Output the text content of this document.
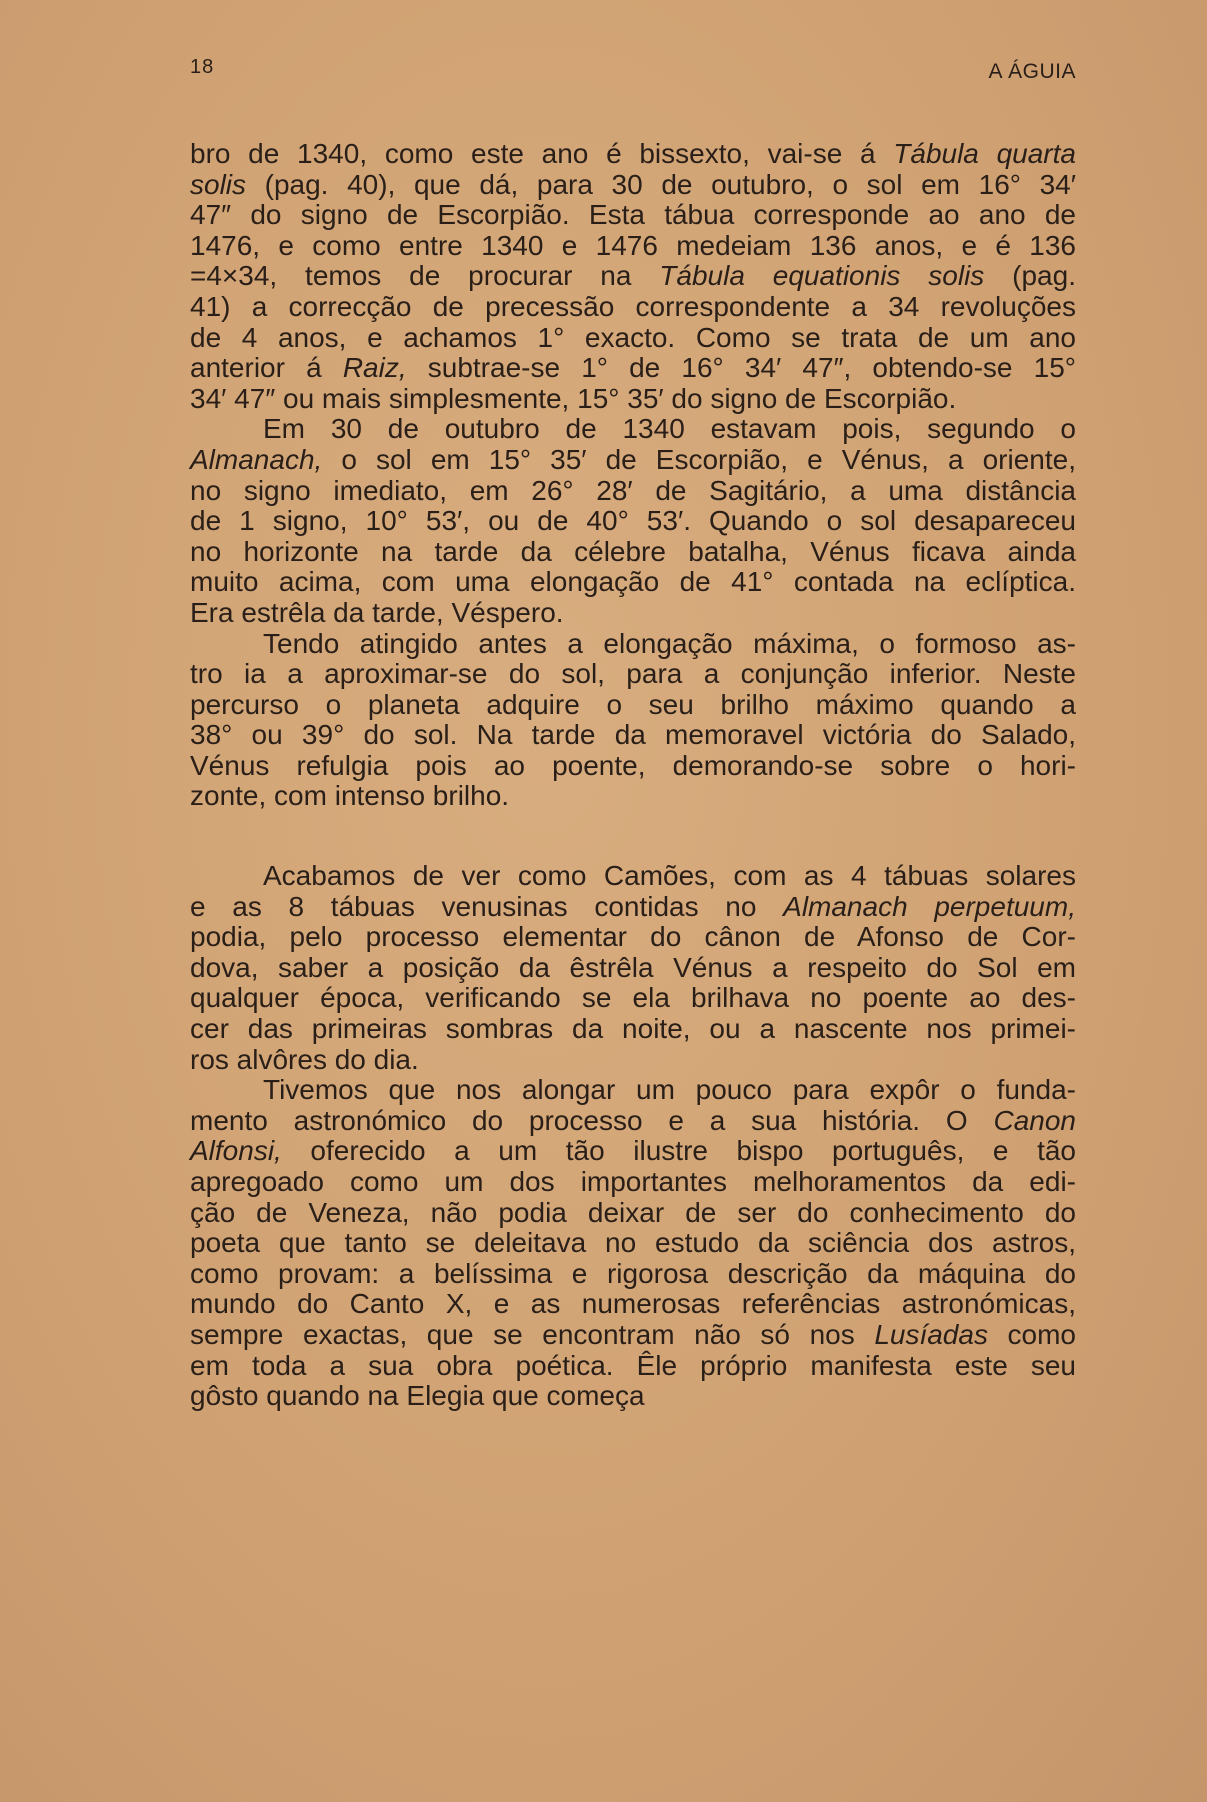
18	A ÁGUIA

bro de 1340, como este ano é bissexto, vai-se á Tábula quarta
solis (pag. 40), que dá, para 30 de outubro, o sol em 16° 34′
47″ do signo de Escorpião. Esta tábua corresponde ao ano de
1476, e como entre 1340 e 1476 medeiam 136 anos, e é 136
=4×34, temos de procurar na Tábula equationis solis (pag.
41) a correcção de precessão correspondente a 34 revoluções
de 4 anos, e achamos 1° exacto. Como se trata de um ano
anterior á Raiz, subtrae-se 1° de 16° 34′ 47″, obtendo-se 15°
34′ 47″ ou mais simplesmente, 15° 35′ do signo de Escorpião.

Em 30 de outubro de 1340 estavam pois, segundo o
Almanach, o sol em 15° 35′ de Escorpião, e Vénus, a oriente,
no signo imediato, em 26° 28′ de Sagitário, a uma distância
de 1 signo, 10° 53′, ou de 40° 53′. Quando o sol desapareceu
no horizonte na tarde da célebre batalha, Vénus ficava ainda
muito acima, com uma elongação de 41° contada na eclíptica.
Era estrêla da tarde, Véspero.

Tendo atingido antes a elongação máxima, o formoso as-
tro ia a aproximar-se do sol, para a conjunção inferior. Neste
percurso o planeta adquire o seu brilho máximo quando a
38° ou 39° do sol. Na tarde da memoravel victória do Salado,
Vénus refulgia pois ao poente, demorando-se sobre o hori-
zonte, com intenso brilho.

Acabamos de ver como Camões, com as 4 tábuas solares
e as 8 tábuas venusinas contidas no Almanach perpetuum,
podia, pelo processo elementar do cânon de Afonso de Cor-
dova, saber a posição da êstrêla Vénus a respeito do Sol em
qualquer época, verificando se ela brilhava no poente ao des-
cer das primeiras sombras da noite, ou a nascente nos primei-
ros alvôres do dia.

Tivemos que nos alongar um pouco para expôr o funda-
mento astronómico do processo e a sua história. O Canon
Alfonsi, oferecido a um tão ilustre bispo português, e tão
apregoado como um dos importantes melhoramentos da edi-
ção de Veneza, não podia deixar de ser do conhecimento do
poeta que tanto se deleitava no estudo da sciência dos astros,
como provam: a belíssima e rigorosa descrição da máquina do
mundo do Canto X, e as numerosas referências astronómicas,
sempre exactas, que se encontram não só nos Lusíadas como
em toda a sua obra poética. Êle próprio manifesta este seu
gôsto quando na Elegia que começa
